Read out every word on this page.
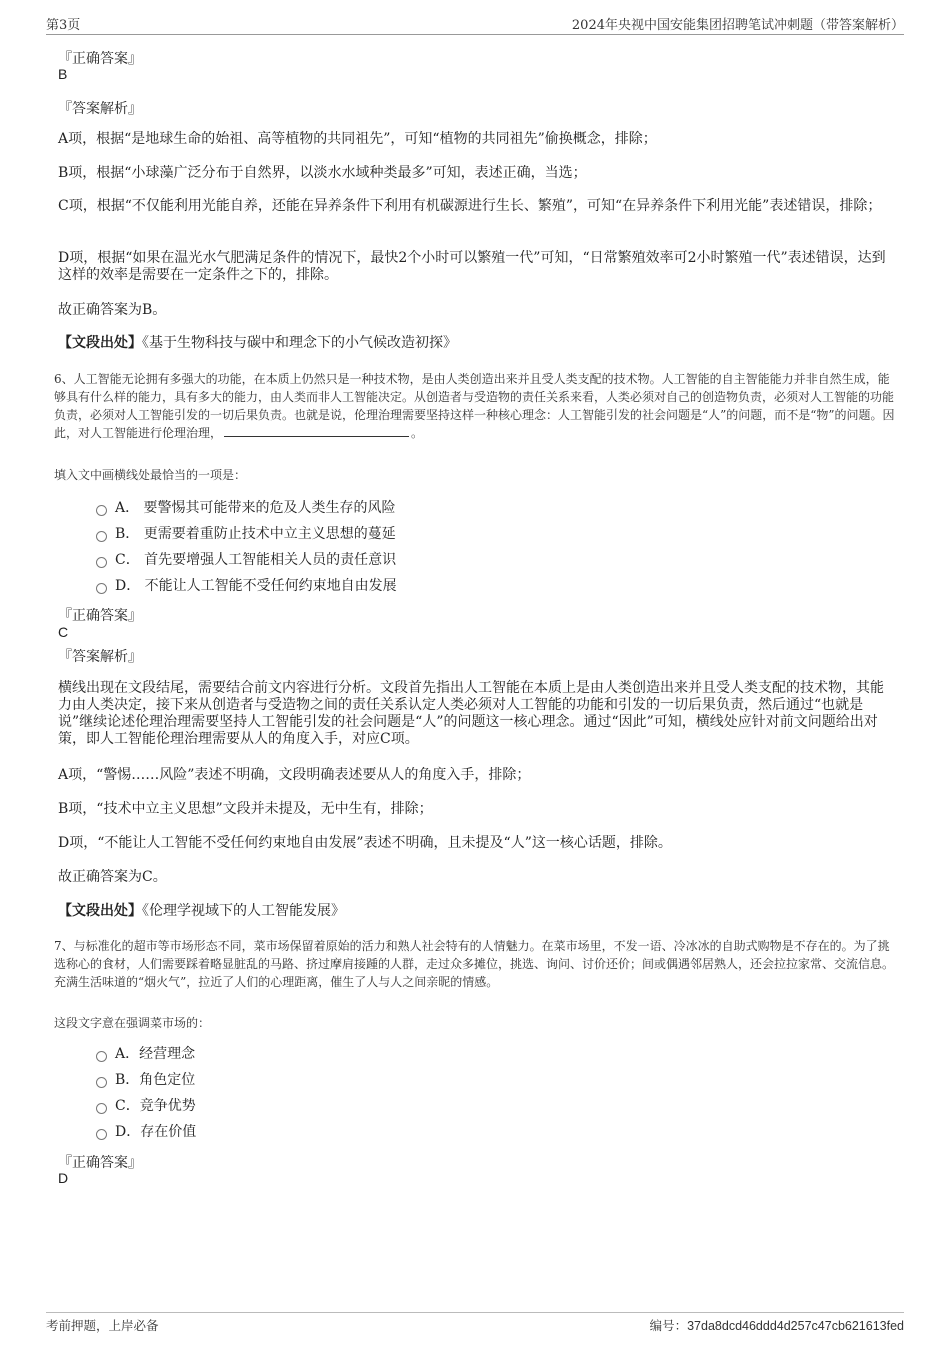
第3页	2024年央视中国安能集团招聘笔试冲刺题（带答案解析）
『正确答案』
B
『答案解析』
A项，根据“是地球生命的始祖、高等植物的共同祖先”，可知“植物的共同祖先”偷换概念，排除；
B项，根据“小球藻广泛分布于自然界，以淡水水域种类最多”可知，表述正确，当选；
C项，根据“不仅能利用光能自养，还能在异养条件下利用有机碳源进行生长、繁殖”，可知“在异养条件下利用光能”表述错误，排除；
D项，根据“如果在温光水气肥满足条件的情况下，最快2个小时可以繁殖一代”可知，“日常繁殖效率可2小时繁殖一代”表述错误，达到这样的效率是需要在一定条件之下的，排除。
故正确答案为B。
【文段出处】《基于生物科技与碳中和理念下的小气候改造初探》
6、人工智能无论拥有多强大的功能，在本质上仍然只是一种技术物，是由人类创造出来并且受人类支配的技术物。人工智能的自主智能能力并非自然生成，能够具有什么样的能力，具有多大的能力，由人类而非人工智能决定。从创造者与受造物的责任关系来看，人类必须对自己的创造物负责，必须对人工智能的功能负责，必须对人工智能引发的一切后果负责。也就是说，伦理治理需要坚持这样一种核心理念：人工智能引发的社会问题是“人”的问题，而不是“物”的问题。因此，对人工智能进行伦理治理，	。
填入文中画横线处最恰当的一项是：
A． 要警惕其可能带来的危及人类生存的风险
B． 更需要着重防止技术中立主义思想的蔓延
C． 首先要增强人工智能相关人员的责任意识
D． 不能让人工智能不受任何约束地自由发展
『正确答案』
C
『答案解析』
横线出现在文段结尾，需要结合前文内容进行分析。文段首先指出人工智能在本质上是由人类创造出来并且受人类支配的技术物，其能力由人类决定，接下来从创造者与受造物之间的责任关系认定人类必须对人工智能的功能和引发的一切后果负责，然后通过“也就是说”继续论述伦理治理需要坚持人工智能引发的社会问题是“人”的问题这一核心理念。通过“因此”可知，横线处应针对前文问题给出对策，即人工智能伦理治理需要从人的角度入手，对应C项。
A项，“警惕……风险”表述不明确，文段明确表述要从人的角度入手，排除；
B项，“技术中立主义思想”文段并未提及，无中生有，排除；
D项，“不能让人工智能不受任何约束地自由发展”表述不明确，且未提及“人”这一核心话题，排除。
故正确答案为C。
【文段出处】《伦理学视域下的人工智能发展》
7、与标准化的超市等市场形态不同，菜市场保留着原始的活力和熟人社会特有的人情魅力。在菜市场里，不发一语、冷冰冰的自助式购物是不存在的。为了挑选称心的食材，人们需要踩着略显脏乱的马路、挤过摩肩接踵的人群，走过众多摊位，挑选、询问、讨价还价；间或偶遇邻居熟人，还会拉拉家常、交流信息。充满生活味道的“烟火气”，拉近了人们的心理距离，催生了人与人之间亲昵的情感。
这段文字意在强调菜市场的：
A．经营理念
B．角色定位
C．竞争优势
D．存在价值
『正确答案』
D
考前押题，上岸必备	编号：37da8dcd46ddd4d257c47cb621613fed
